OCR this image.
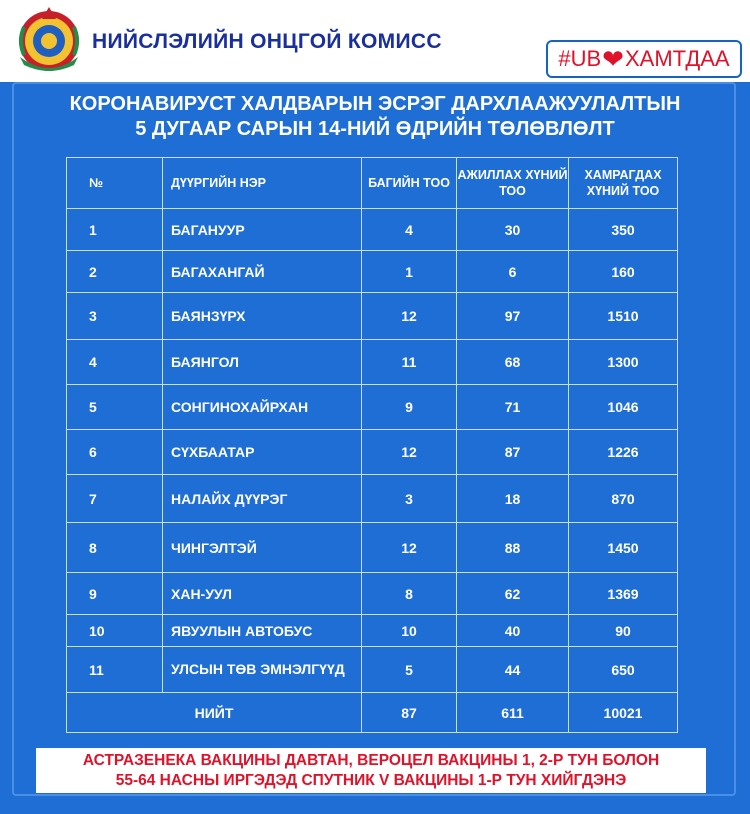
НИЙСЛЭЛИЙН ОНЦГОЙ КОМИСС
#UB ❤ ХАМТДАА
КОРОНАВИРУСТ ХАЛДВАРЫН ЭСРЭГ ДАРХЛААЖУУЛАЛТЫН
5 ДУГААР САРЫН 14-НИЙ ӨДРИЙН ТӨЛӨВЛӨЛТ
№	ДҮҮРГИЙН НЭР	БАГИЙН ТОО	АЖИЛЛАХ ХҮНИЙ ТОО	ХАМРАГДАХ ХҮНИЙ ТОО
1	БАГАНУУР	4	30	350
2	БАГАХАНГАЙ	1	6	160
3	БАЯНЗҮРХ	12	97	1510
4	БАЯНГОЛ	11	68	1300
5	СОНГИНОХАЙРХАН	9	71	1046
6	СҮХБААТАР	12	87	1226
7	НАЛАЙХ ДҮҮРЭГ	3	18	870
8	ЧИНГЭЛТЭЙ	12	88	1450
9	ХАН-УУЛ	8	62	1369
10	ЯВУУЛЫН АВТОБУС	10	40	90
11	УЛСЫН ТӨВ ЭМНЭЛГҮҮД	5	44	650
НИЙТ		87	611	10021
АСТРАЗЕНЕКА ВАКЦИНЫ ДАВТАН, ВЕРОЦЕЛ ВАКЦИНЫ 1, 2-Р ТУН БОЛОН
55-64 НАСНЫ ИРГЭДЭД СПУТНИК V ВАКЦИНЫ 1-Р ТУН ХИЙГДЭНЭ
